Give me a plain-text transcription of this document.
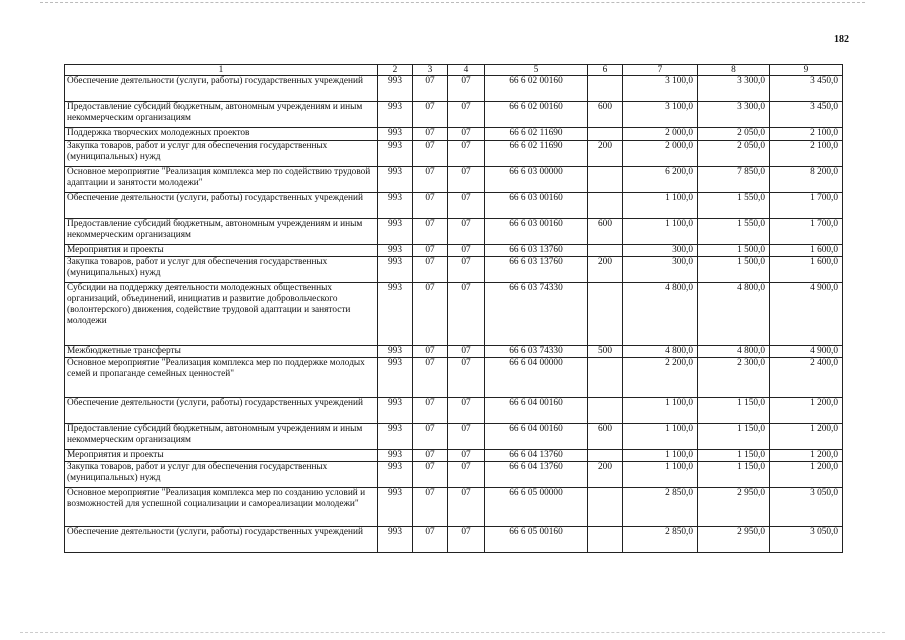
182
1	2	3	4	5	6	7	8	9
Обеспечение деятельности (услуги, работы) государственных учреждений	993	07	07	66 6 02 00160		3 100,0	3 300,0	3 450,0
Предоставление субсидий бюджетным, автономным учреждениям и иным некоммерческим организациям	993	07	07	66 6 02 00160	600	3 100,0	3 300,0	3 450,0
Поддержка творческих молодежных проектов	993	07	07	66 6 02 11690		2 000,0	2 050,0	2 100,0
Закупка товаров, работ и услуг для обеспечения государственных (муниципальных) нужд	993	07	07	66 6 02 11690	200	2 000,0	2 050,0	2 100,0
Основное мероприятие "Реализация комплекса мер по содействию трудовой адаптации и занятости молодежи"	993	07	07	66 6 03 00000		6 200,0	7 850,0	8 200,0
Обеспечение деятельности (услуги, работы) государственных учреждений	993	07	07	66 6 03 00160		1 100,0	1 550,0	1 700,0
Предоставление субсидий бюджетным, автономным учреждениям и иным некоммерческим организациям	993	07	07	66 6 03 00160	600	1 100,0	1 550,0	1 700,0
Мероприятия и проекты	993	07	07	66 6 03 13760		300,0	1 500,0	1 600,0
Закупка товаров, работ и услуг для обеспечения государственных (муниципальных) нужд	993	07	07	66 6 03 13760	200	300,0	1 500,0	1 600,0
Субсидии на поддержку деятельности молодежных общественных организаций, объединений, инициатив и развитие добровольческого (волонтерского) движения, содействие трудовой адаптации и занятости молодежи	993	07	07	66 6 03 74330		4 800,0	4 800,0	4 900,0
Межбюджетные трансферты	993	07	07	66 6 03 74330	500	4 800,0	4 800,0	4 900,0
Основное мероприятие "Реализация комплекса мер по поддержке молодых семей и пропаганде семейных ценностей"	993	07	07	66 6 04 00000		2 200,0	2 300,0	2 400,0
Обеспечение деятельности (услуги, работы) государственных учреждений	993	07	07	66 6 04 00160		1 100,0	1 150,0	1 200,0
Предоставление субсидий бюджетным, автономным учреждениям и иным некоммерческим организациям	993	07	07	66 6 04 00160	600	1 100,0	1 150,0	1 200,0
Мероприятия и проекты	993	07	07	66 6 04 13760		1 100,0	1 150,0	1 200,0
Закупка товаров, работ и услуг для обеспечения государственных (муниципальных) нужд	993	07	07	66 6 04 13760	200	1 100,0	1 150,0	1 200,0
Основное мероприятие "Реализация комплекса мер по созданию условий и возможностей для успешной социализации и самореализации молодежи"	993	07	07	66 6 05 00000		2 850,0	2 950,0	3 050,0
Обеспечение деятельности (услуги, работы) государственных учреждений	993	07	07	66 6 05 00160		2 850,0	2 950,0	3 050,0
